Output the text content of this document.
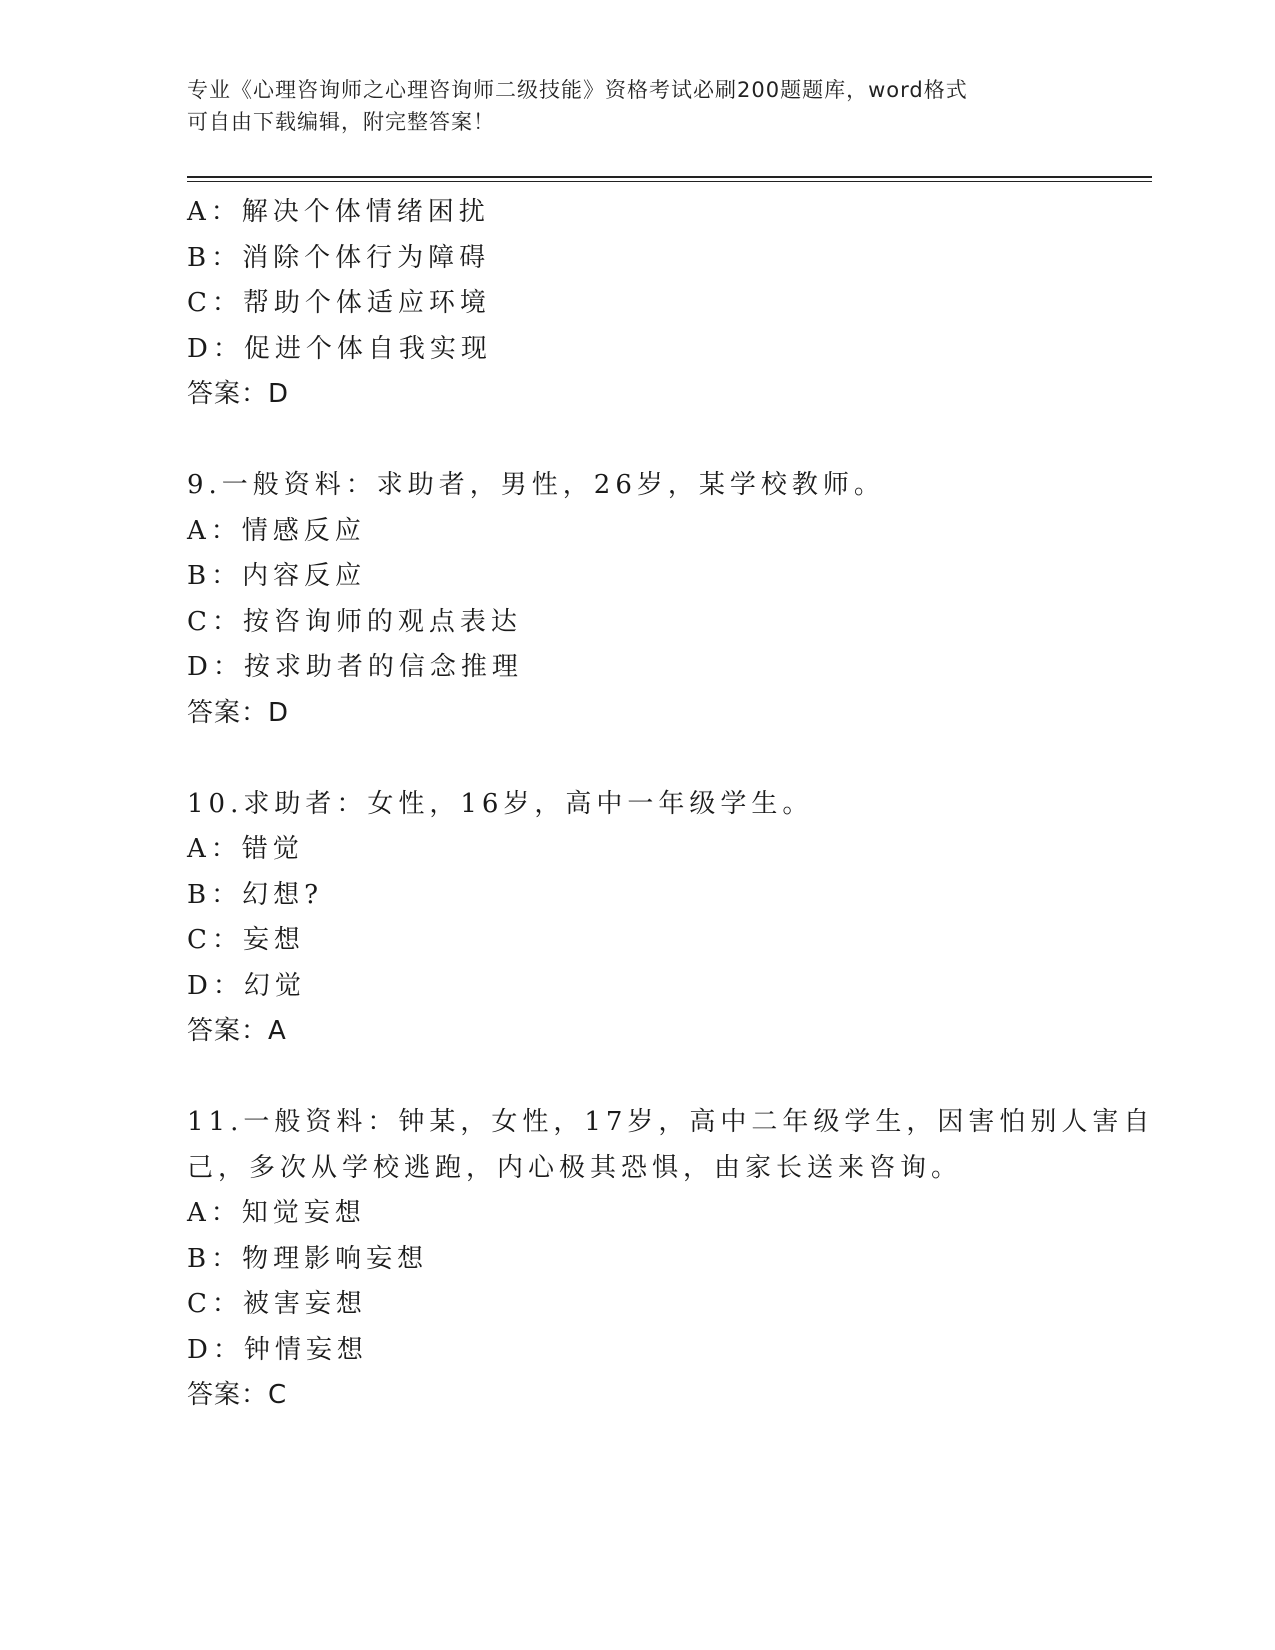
专业《心理咨询师之心理咨询师二级技能》资格考试必刷200题题库，word格式
可自由下载编辑，附完整答案！
A：解决个体情绪困扰
B：消除个体行为障碍
C：帮助个体适应环境
D：促进个体自我实现
答案：D
9.一般资料：求助者，男性，26岁，某学校教师。
A：情感反应
B：内容反应
C：按咨询师的观点表达
D：按求助者的信念推理
答案：D
10.求助者：女性，16岁，高中一年级学生。
A：错觉
B：幻想?
C：妄想
D：幻觉
答案：A
11.一般资料：钟某，女性，17岁，高中二年级学生，因害怕别人害自
己，多次从学校逃跑，内心极其恐惧，由家长送来咨询。
A：知觉妄想
B：物理影响妄想
C：被害妄想
D：钟情妄想
答案：C
